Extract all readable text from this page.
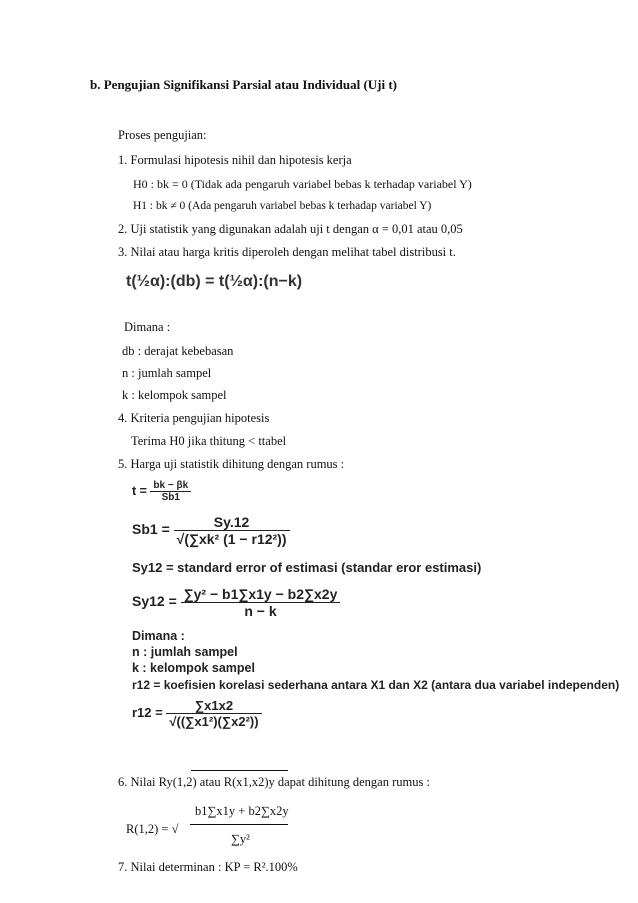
b. Pengujian Signifikansi Parsial atau Individual (Uji t)
Proses pengujian:
1. Formulasi hipotesis nihil dan hipotesis kerja
H0 : bk = 0 (Tidak ada pengaruh variabel bebas k terhadap variabel Y)
H1 : bk ≠ 0 (Ada pengaruh variabel bebas k terhadap variabel Y)
2. Uji statistik yang digunakan adalah uji t dengan α = 0,01 atau 0,05
3. Nilai atau harga kritis diperoleh dengan melihat tabel distribusi t.
t(½α):(db) = t(½α):(n−k)
Dimana :
db : derajat kebebasan
n : jumlah sampel
k : kelompok sampel
4. Kriteria pengujian hipotesis
Terima H0 jika thitung < ttabel
5. Harga uji statistik dihitung dengan rumus :
$t = \frac{bk - \beta k}{Sb1}$
$Sb1 = \frac{Sy.12}{\text{√(∑xk² (1 − r12²))}}$
Sy12 = standard error of estimasi (standar eror estimasi)
$Sy12 = \frac{\text{∑y² − b1∑x1y − b2∑x2y}}{n - k}$
Dimana :
n : jumlah sampel
k : kelompok sampel
r12 = koefisien korelasi sederhana antara X1 dan X2 (antara dua variabel independen)
$r12 = \frac{\sum x1x2}{\text{√((∑x1²)(∑x2²))}}$
6. Nilai Ry(1,2) atau R(x1,x2)y dapat dihitung dengan rumus :
b1∑x1y + b2∑x2y
R(1,2) = √
∑y²
7. Nilai determinan : KP = R².100%
